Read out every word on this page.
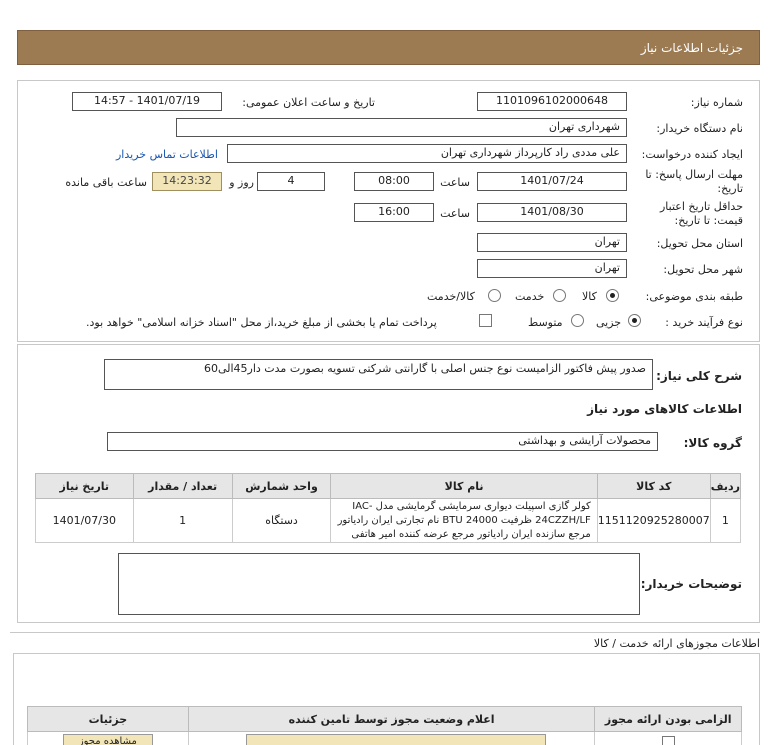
جزئیات اطلاعات نیاز
شماره نیاز:
1101096102000648
تاریخ و ساعت اعلان عمومی:
1401/07/19 - 14:57
نام دستگاه خریدار:
شهرداری تهران
ایجاد کننده درخواست:
علی مددی راد کارپرداز شهرداری تهران
اطلاعات تماس خریدار
مهلت ارسال پاسخ: تا
تاریخ:
1401/07/24
ساعت
08:00
4
روز و
14:23:32
ساعت باقی مانده
حداقل تاریخ اعتبار
قیمت: تا تاریخ:
1401/08/30
ساعت
16:00
استان محل تحویل:
تهران
شهر محل تحویل:
تهران
طبقه بندی موضوعی:
کالا
خدمت
کالا/خدمت
نوع فرآیند خرید :
جزیی
متوسط
پرداخت تمام یا بخشی از مبلغ خرید،از محل "اسناد خزانه اسلامی" خواهد بود.
شرح کلی نیاز:
صدور پیش فاکتور الزامیست نوع جنس اصلی با گارانتی شرکتی تسویه بصورت مدت دار45الی60
اطلاعات کالاهای مورد نیاز
گروه کالا:
محصولات آرایشی و بهداشتی
ردیف	کد کالا	نام کالا	واحد شمارش	تعداد / مقدار	تاریخ نیاز
1	1151120925280007	کولر گازی اسپیلت دیواری سرمایشی گرمایشی مدل IAC-24CZZH/LF ظرفیت 24000 BTU نام تجارتی ایران رادیاتور مرجع سازنده ایران رادیاتور مرجع عرضه کننده امیر هاتفی	دستگاه	1	1401/07/30
توضیحات خریدار:
اطلاعات مجوزهای ارائه خدمت / کالا
الزامی بودن ارائه مجوز	اعلام وضعیت مجوز توسط تامین کننده	جزئیات
		مشاهده مجوز
